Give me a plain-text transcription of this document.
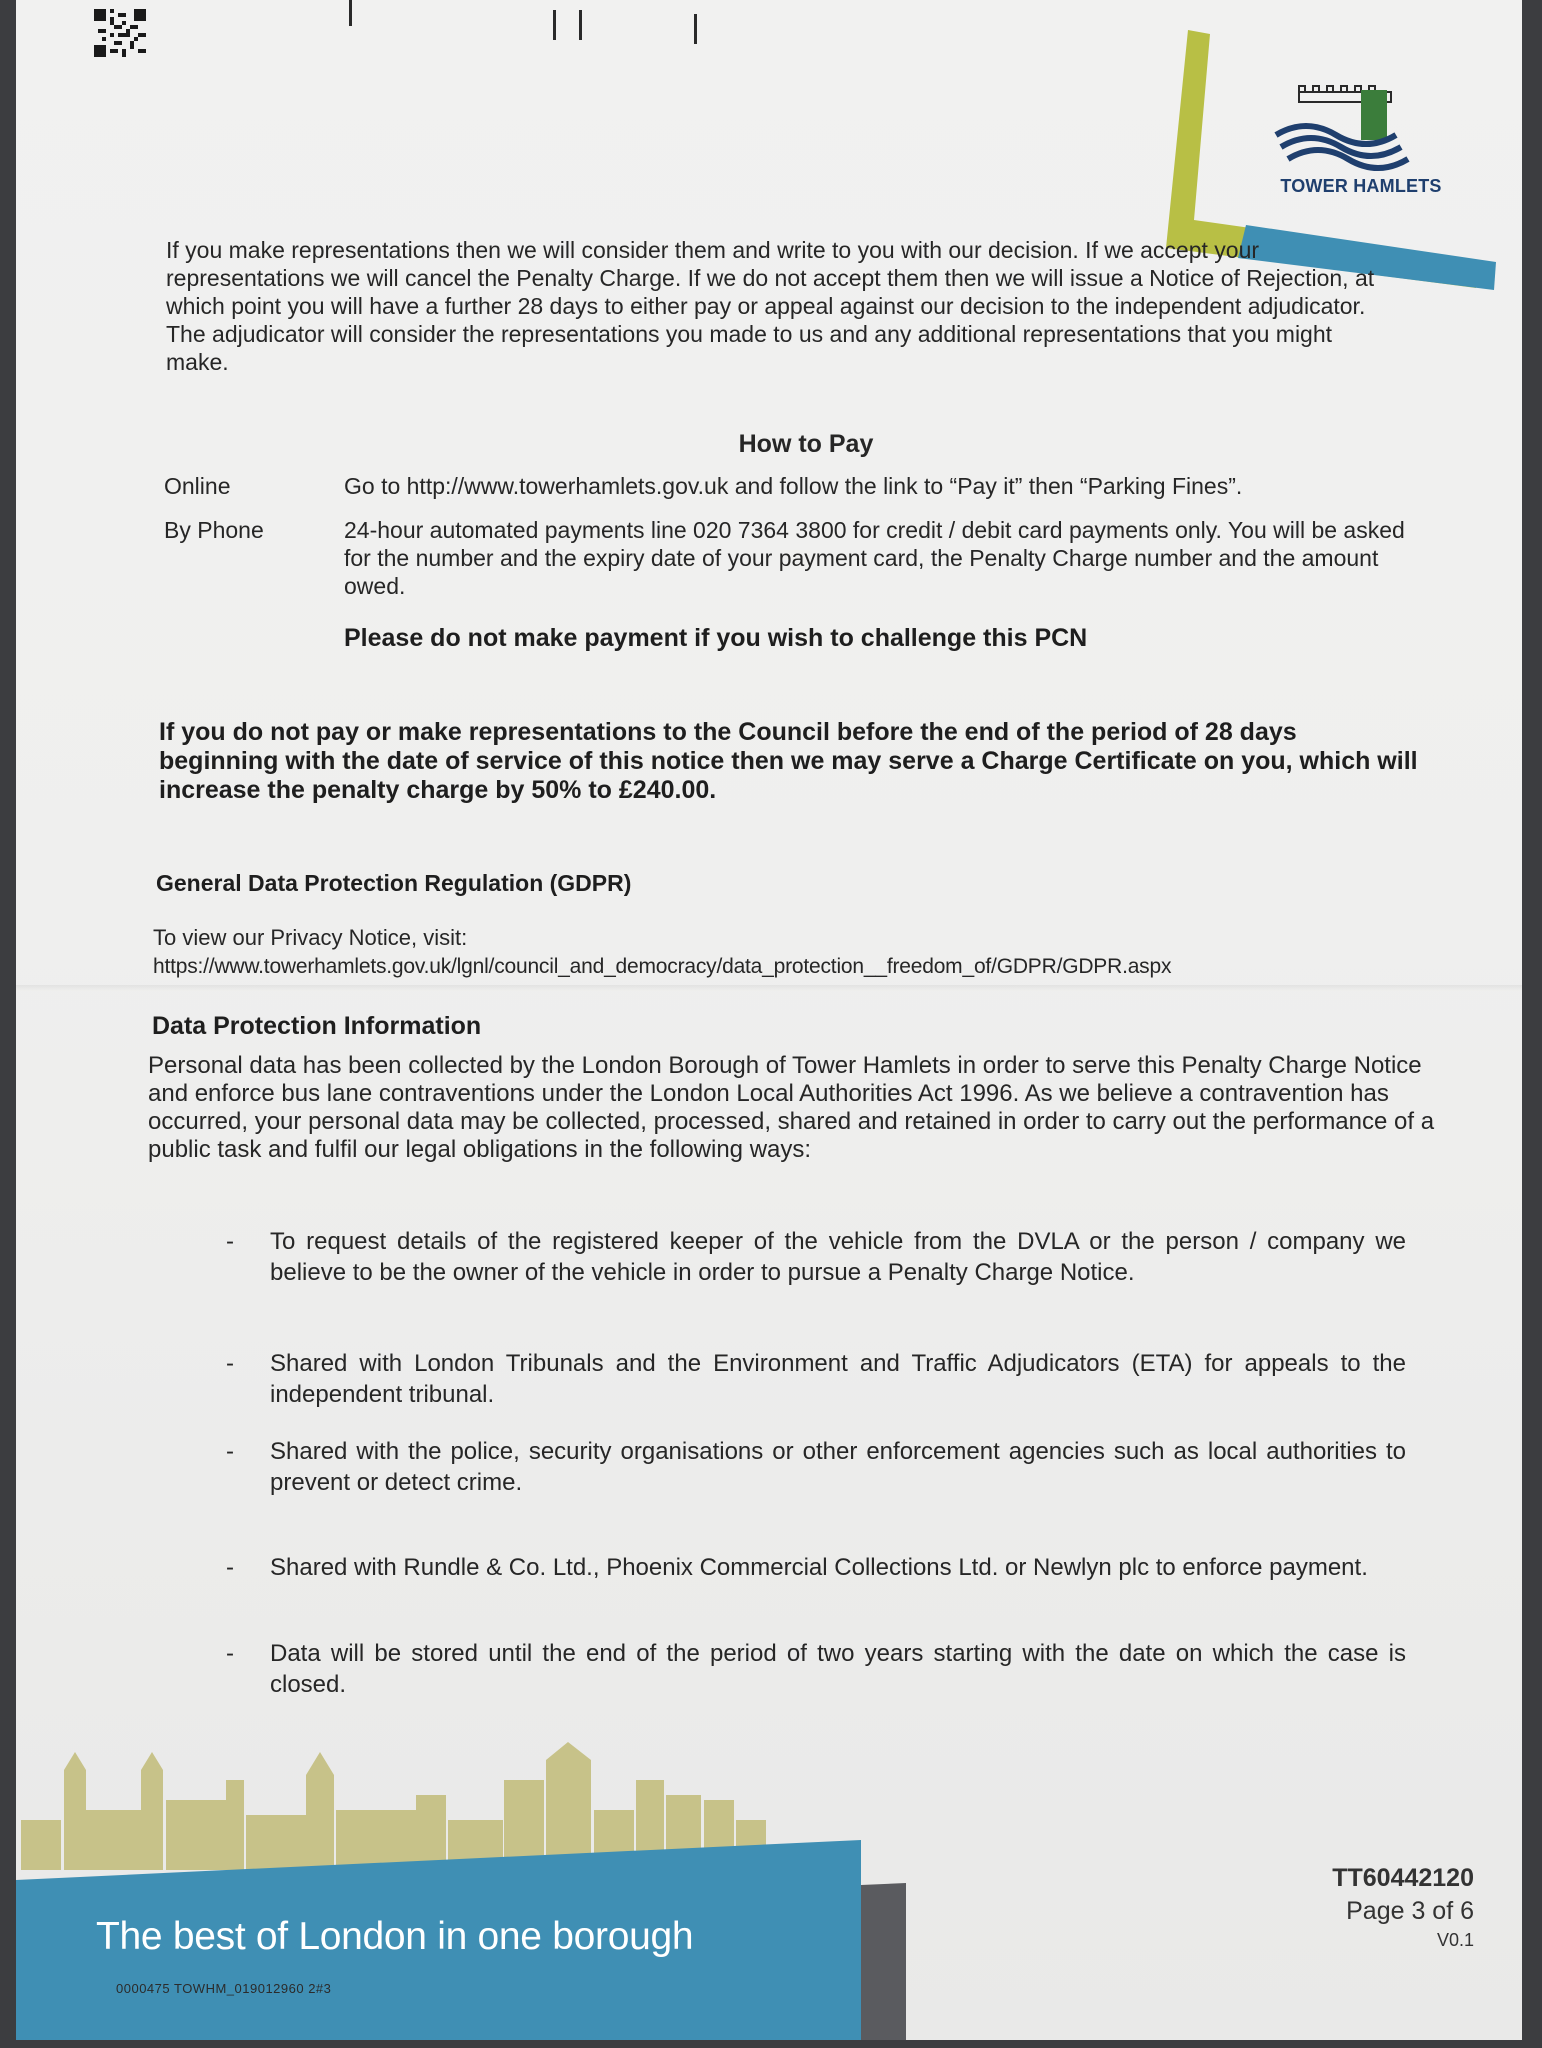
TOWER HAMLETS

If you make representations then we will consider them and write to you with our decision. If we accept your representations we will cancel the Penalty Charge. If we do not accept them then we will issue a Notice of Rejection, at which point you will have a further 28 days to either pay or appeal against our decision to the independent adjudicator. The adjudicator will consider the representations you made to us and any additional representations that you might make.

How to Pay
Online	Go to http://www.towerhamlets.gov.uk and follow the link to “Pay it” then “Parking Fines”.
By Phone	24-hour automated payments line 020 7364 3800 for credit / debit card payments only. You will be asked for the number and the expiry date of your payment card, the Penalty Charge number and the amount owed.
Please do not make payment if you wish to challenge this PCN

If you do not pay or make representations to the Council before the end of the period of 28 days beginning with the date of service of this notice then we may serve a Charge Certificate on you, which will increase the penalty charge by 50% to £240.00.

General Data Protection Regulation (GDPR)
To view our Privacy Notice, visit:
https://www.towerhamlets.gov.uk/lgnl/council_and_democracy/data_protection__freedom_of/GDPR/GDPR.aspx
Data Protection Information

Personal data has been collected by the London Borough of Tower Hamlets in order to serve this Penalty Charge Notice and enforce bus lane contraventions under the London Local Authorities Act 1996. As we believe a contravention has occurred, your personal data may be collected, processed, shared and retained in order to carry out the performance of a public task and fulfil our legal obligations in the following ways:

- To request details of the registered keeper of the vehicle from the DVLA or the person / company we believe to be the owner of the vehicle in order to pursue a Penalty Charge Notice.
- Shared with London Tribunals and the Environment and Traffic Adjudicators (ETA) for appeals to the independent tribunal.
- Shared with the police, security organisations or other enforcement agencies such as local authorities to prevent or detect crime.
- Shared with Rundle & Co. Ltd., Phoenix Commercial Collections Ltd. or Newlyn plc to enforce payment.
- Data will be stored until the end of the period of two years starting with the date on which the case is closed.
The best of London in one borough
0000475 TOWHM_019012960 2#3
TT60442120
Page 3 of 6
V0.1
